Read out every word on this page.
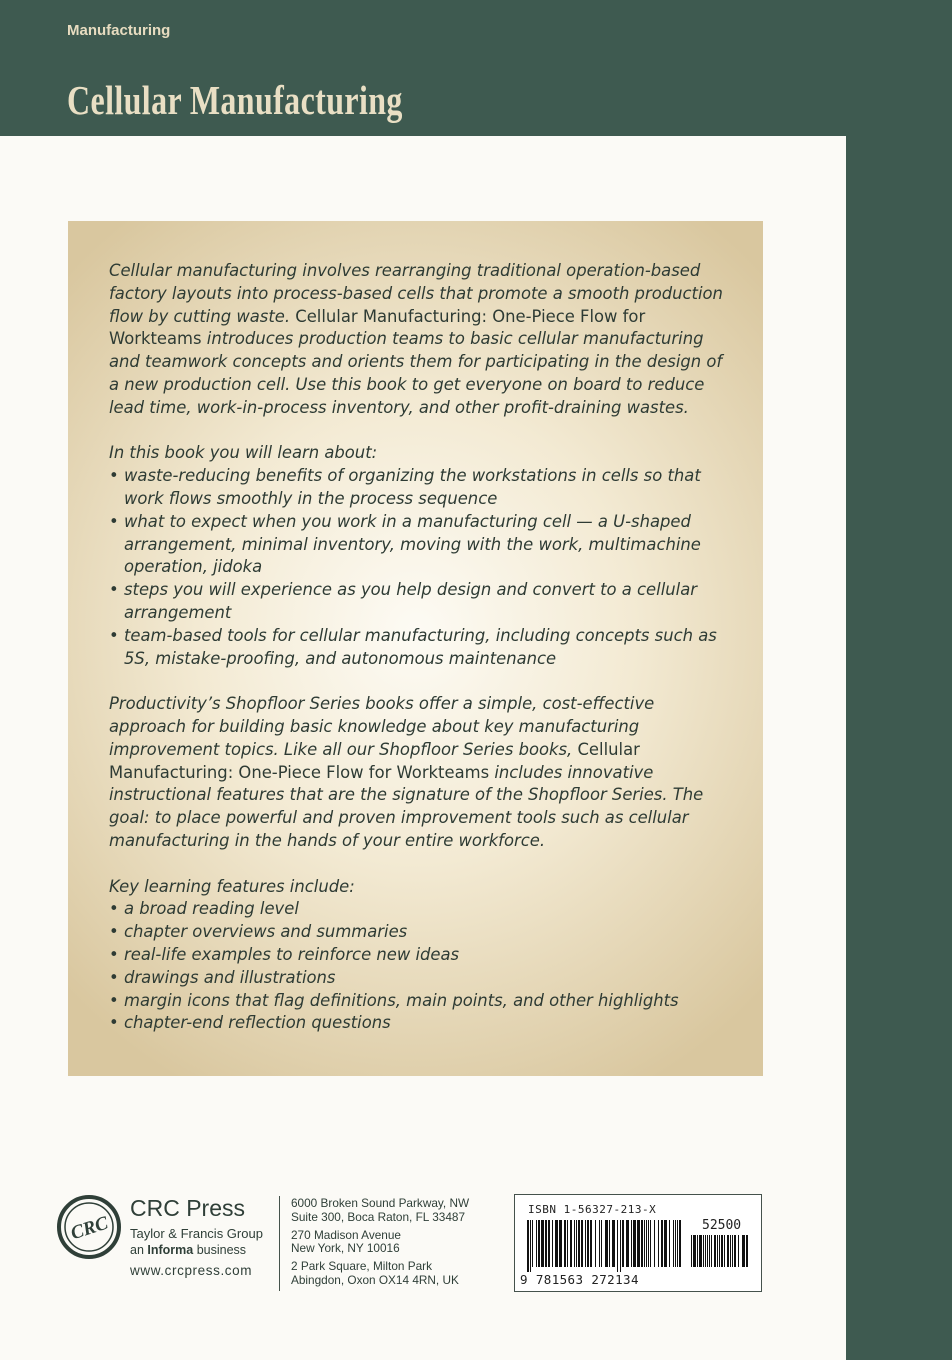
Manufacturing
Cellular Manufacturing

Cellular manufacturing involves rearranging traditional operation-based factory layouts into process-based cells that promote a smooth production flow by cutting waste. Cellular Manufacturing: One-Piece Flow for Workteams introduces production teams to basic cellular manufacturing and teamwork concepts and orients them for participating in the design of a new production cell. Use this book to get everyone on board to reduce lead time, work-in-process inventory, and other profit-draining wastes.

In this book you will learn about:
• waste-reducing benefits of organizing the workstations in cells so that work flows smoothly in the process sequence
• what to expect when you work in a manufacturing cell — a U-shaped arrangement, minimal inventory, moving with the work, multimachine operation, jidoka
• steps you will experience as you help design and convert to a cellular arrangement
• team-based tools for cellular manufacturing, including concepts such as 5S, mistake-proofing, and autonomous maintenance

Productivity’s Shopfloor Series books offer a simple, cost-effective approach for building basic knowledge about key manufacturing improvement topics. Like all our Shopfloor Series books, Cellular Manufacturing: One-Piece Flow for Workteams includes innovative instructional features that are the signature of the Shopfloor Series. The goal: to place powerful and proven improvement tools such as cellular manufacturing in the hands of your entire workforce.

Key learning features include:
• a broad reading level
• chapter overviews and summaries
• real-life examples to reinforce new ideas
• drawings and illustrations
• margin icons that flag definitions, main points, and other highlights
• chapter-end reflection questions
CRC
CRC Press
Taylor & Francis Group
an Informa business
www.crcpress.com
6000 Broken Sound Parkway, NW
Suite 300, Boca Raton, FL 33487
270 Madison Avenue
New York, NY 10016
2 Park Square, Milton Park
Abingdon, Oxon OX14 4RN, UK
ISBN 1-56327-213-X
52500
9 781563 272134
